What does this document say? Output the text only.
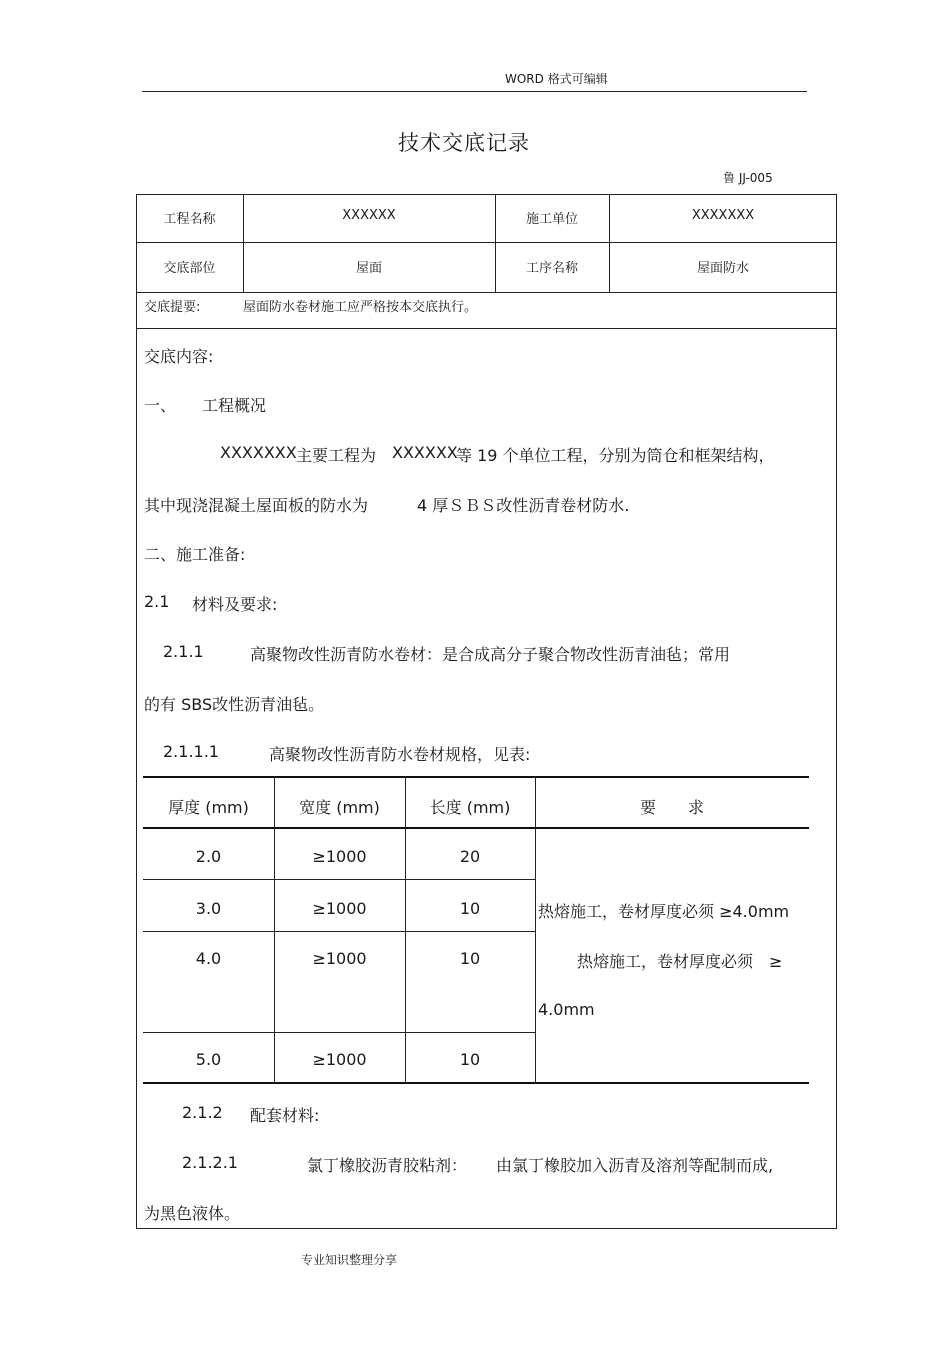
WORD 格式可编辑
技术交底记录
鲁 JJ-005
工程名称	XXXXXX	施工单位	XXXXXXX
交底部位	屋面	工序名称	屋面防水
交底提要:	屋面防水卷材施工应严格按本交底执行。
交底内容:
一、 工程概况
XXXXXXX 主要工程为 XXXXXX
等 19 个单位工程，分别为筒仓和框架结构，
其中现浇混凝土屋面板的防水为	4 厚ＳＢＳ改性沥青卷材防水.
二、施工准备:
2.1 材料及要求:
2.1.1	高聚物改性沥青防水卷材：是合成高分子聚合物改性沥青油毡；常用
的有 SBS改性沥青油毡。
2.1.1.1	高聚物改性沥青防水卷材规格，见表:
厚度 (mm)	宽度 (mm)	长度 (mm)	要　　求
2.0	≥1000	20
3.0	≥1000	10
4.0	≥1000	10
5.0	≥1000	10
热熔施工，卷材厚度必须 ≥4.0mm
热熔施工，卷材厚度必须　≥
4.0mm
2.1.2 配套材料:
2.1.2.1	氯丁橡胶沥青胶粘剂： 由氯丁橡胶加入沥青及溶剂等配制而成,
为黑色液体。
专业知识整理分享
